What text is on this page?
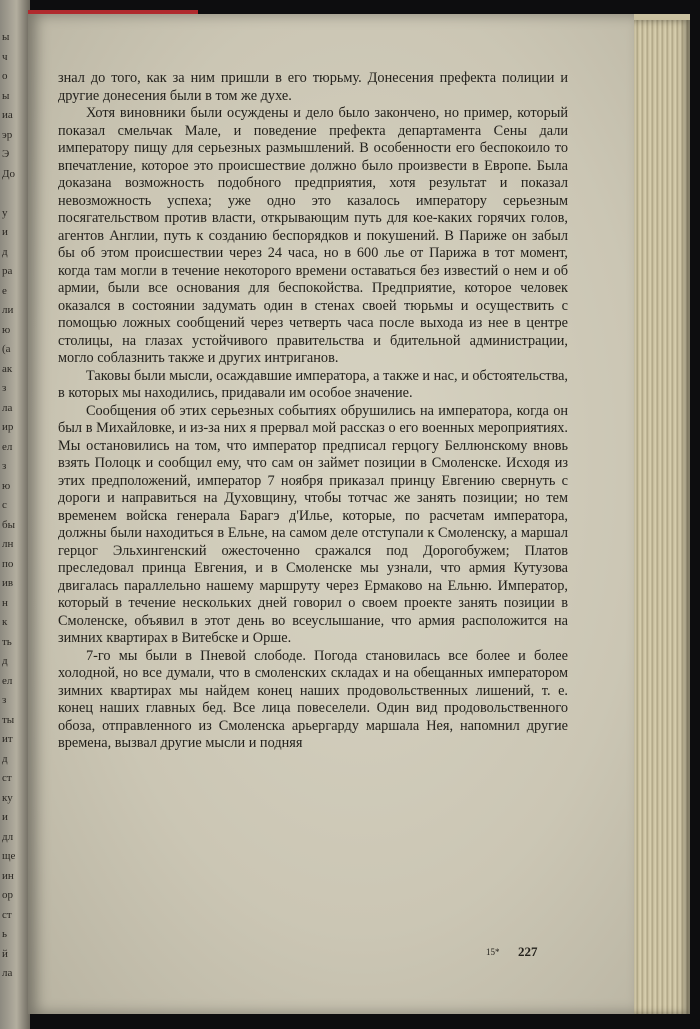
ы
ч
о
ы
иа
эр
Э
До
у
и
д
ра
е
ли
ю
(а
ак
з
ла
ир
ел
з
ю
с
бы
лн
по
ив
н
к
ть
д
ел
з
ты
ит
д
ст
ку
и
дл
ще
ин
ор
ст
ь
й
ла

знал до того, как за ним пришли в его тюрьму. Донесения префекта полиции и другие донесения были в том же духе.

Хотя виновники были осуждены и дело было закончено, но пример, который показал смельчак Мале, и поведение префекта департамента Сены дали императору пищу для серьезных размышлений. В особенности его беспокоило то впечатление, которое это происшествие должно было произвести в Европе. Была доказана возможность подобного предприятия, хотя результат и показал невозможность успеха; уже одно это казалось императору серьезным посягательством против власти, открывающим путь для кое-каких горячих голов, агентов Англии, путь к созданию беспорядков и покушений. В Париже он забыл бы об этом происшествии через 24 часа, но в 600 лье от Парижа в тот момент, когда там могли в течение некоторого времени оставаться без известий о нем и об армии, были все основания для беспокойства. Предприятие, которое человек оказался в состоянии задумать один в стенах своей тюрьмы и осуществить с помощью ложных сообщений через четверть часа после выхода из нее в центре столицы, на глазах устойчивого правительства и бдительной администрации, могло соблазнить также и других интриганов.

Таковы были мысли, осаждавшие императора, а также и нас, и обстоятельства, в которых мы находились, придавали им особое значение.

Сообщения об этих серьезных событиях обрушились на императора, когда он был в Михайловке, и из-за них я прервал мой рассказ о его военных мероприятиях. Мы остановились на том, что император предписал герцогу Беллюнскому вновь взять Полоцк и сообщил ему, что сам он займет позиции в Смоленске. Исходя из этих предположений, император 7 ноября приказал принцу Евгению свернуть с дороги и направиться на Духовщину, чтобы тотчас же занять позиции; но тем временем войска генерала Барагэ д'Илье, которые, по расчетам императора, должны были находиться в Ельне, на самом деле отступали к Смоленску, а маршал герцог Эльхингенский ожесточенно сражался под Дорогобужем; Платов преследовал принца Евгения, и в Смоленске мы узнали, что армия Кутузова двигалась параллельно нашему маршруту через Ермаково на Ельню. Император, который в течение нескольких дней говорил о своем проекте занять позиции в Смоленске, объявил в этот день во всеуслышание, что армия расположится на зимних квартирах в Витебске и Орше.

7-го мы были в Пневой слободе. Погода становилась все более и более холодной, но все думали, что в смоленских складах и на обещанных императором зимних квартирах мы найдем конец наших продовольственных лишений, т. е. конец наших главных бед. Все лица повеселели. Один вид продовольственного обоза, отправленного из Смоленска арьергарду маршала Нея, напомнил другие времена, вызвал другие мысли и подняя

15* 227
